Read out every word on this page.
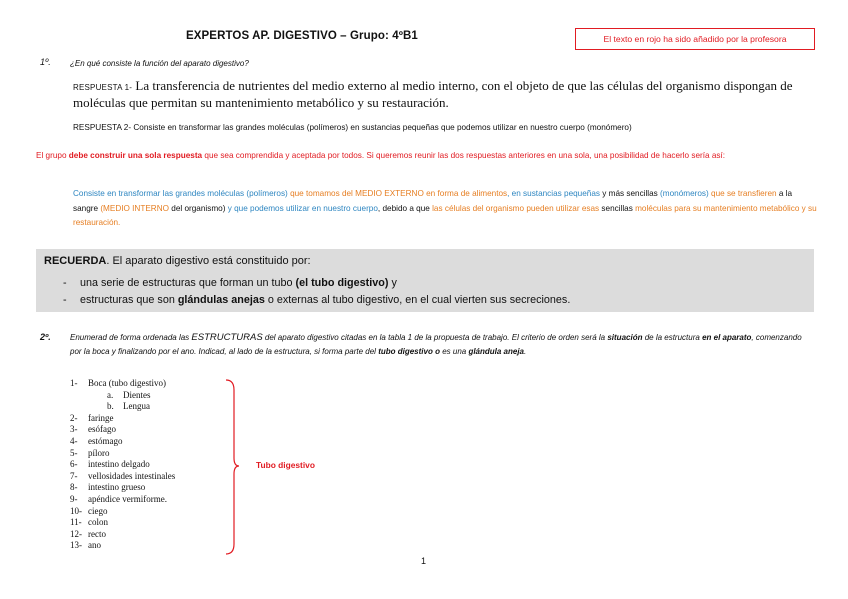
EXPERTOS AP. DIGESTIVO – Grupo: 4ºB1	El texto en rojo ha sido añadido por la profesora
1º. ¿En qué consiste la función del aparato digestivo?
RESPUESTA 1- La transferencia de nutrientes del medio externo al medio interno, con el objeto de que las células del organismo dispongan de moléculas que permitan su mantenimiento metabólico y su restauración.
RESPUESTA 2- Consiste en transformar las grandes moléculas (polímeros) en sustancias pequeñas que podemos utilizar en nuestro cuerpo (monómero)
El grupo debe construir una sola respuesta que sea comprendida y aceptada por todos. Si queremos reunir las dos respuestas anteriores en una sola, una posibilidad de hacerlo sería así:
Consiste en transformar las grandes moléculas (polímeros) que tomamos del MEDIO EXTERNO en forma de alimentos, en sustancias pequeñas y más sencillas (monómeros) que se transfieren a la sangre (MEDIO INTERNO del organismo) y que podemos utilizar en nuestro cuerpo, debido a que las células del organismo pueden utilizar esas sencillas moléculas para su mantenimiento metabólico y su restauración.
RECUERDA. El aparato digestivo está constituido por:
- una serie de estructuras que forman un tubo (el tubo digestivo) y
- estructuras que son glándulas anejas o externas al tubo digestivo, en el cual vierten sus secreciones.
2º. Enumerad de forma ordenada las ESTRUCTURAS del aparato digestivo citadas en la tabla 1 de la propuesta de trabajo. El criterio de orden será la situación de la estructura en el aparato, comenzando por la boca y finalizando por el ano. Indicad, al lado de la estructura, si forma parte del tubo digestivo o es una glándula aneja.
1- Boca (tubo digestivo)
a. Dientes
b. Lengua
2- faringe
3- esófago
4- estómago
5- píloro
6- intestino delgado
7- vellosidades intestinales
8- intestino grueso
9- apéndice vermiforme.
10- ciego
11- colon
12- recto
13- ano
Tubo digestivo
1
